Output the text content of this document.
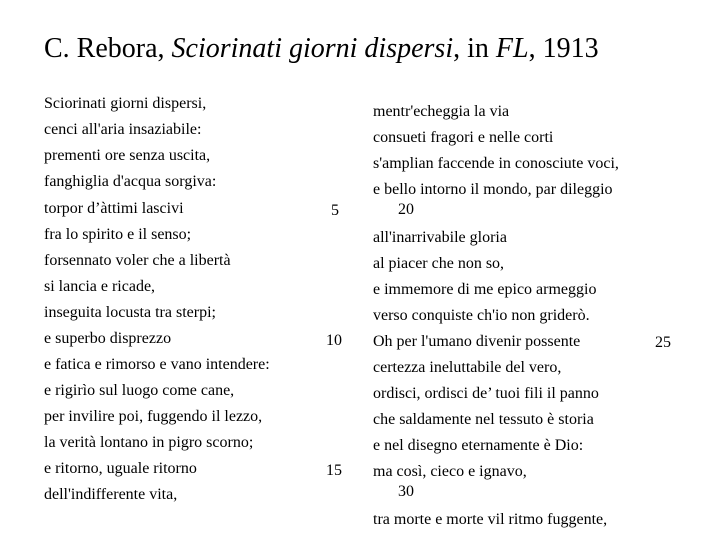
C. Rebora, Sciorinati giorni dispersi, in FL, 1913
Sciorinati giorni dispersi,
cenci all'aria insaziabile:
prementi ore senza uscita,
fanghiglia d'acqua sorgiva:
torpor d’àttimi lascivi
fra lo spirito e il senso;
forsennato voler che a libertà
si lancia e ricade,
inseguita locusta tra sterpi;
e superbo disprezzo
e fatica e rimorso e vano intendere:
e rigirìo sul luogo come cane,
per invilire poi, fuggendo il lezzo,
la verità lontano in pigro scorno;
e ritorno, uguale ritorno
dell'indifferente vita,
5
10
15
mentr'echeggia la via
consueti fragori e nelle corti
s'amplian faccende in conosciute voci,
e bello intorno il mondo, par dileggio
20
all'inarrivabile gloria
al piacer che non so,
e immemore di me epico armeggio
verso conquiste ch'io non griderò.
Oh per l'umano divenir possente
certezza ineluttabile del vero,
ordisci, ordisci de’ tuoi fili il panno
che saldamente nel tessuto è storia
e nel disegno eternamente è Dio:
ma così, cieco e ignavo,
30
tra morte e morte vil ritmo fuggente,
25
